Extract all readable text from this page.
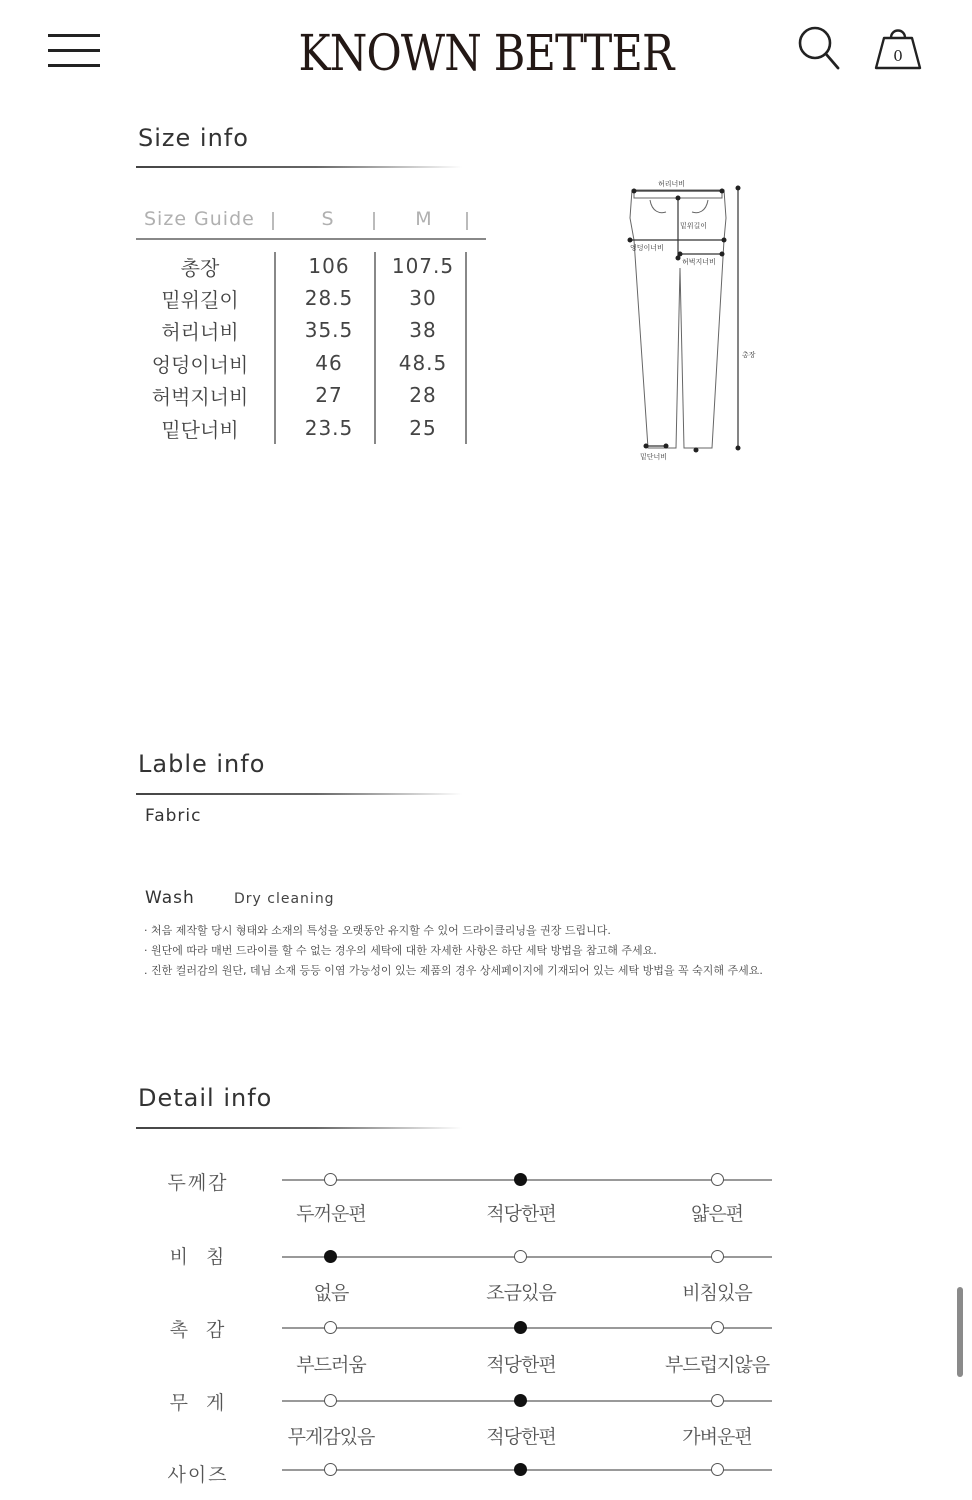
KNOWN BETTER	0
Size info
Size Guide	S	M
총장	106	107.5
밑위길이	28.5	30
허리너비	35.5	38
엉덩이너비	46	48.5
허벅지너비	27	28
밑단너비	23.5	25
허리너비
밑위길이
엉덩이너비
허벅지너비
총장
밑단너비
Lable info
Fabric
Wash	Dry cleaning
· 처음 제작할 당시 형태와 소재의 특성을 오랫동안 유지할 수 있어 드라이클리닝을 권장 드립니다.
· 원단에 따라 매번 드라이를 할 수 없는 경우의 세탁에 대한 자세한 사항은 하단 세탁 방법을 참고해 주세요.
. 진한 컬러감의 원단, 데님 소재 등등 이염 가능성이 있는 제품의 경우 상세페이지에 기재되어 있는 세탁 방법을 꼭 숙지해 주세요.
Detail info
두께감
두꺼운편	적당한편	얇은편
비  침
없음	조금있음	비침있음
촉  감
부드러움	적당한편	부드럽지않음
무  게
무게감있음	적당한편	가벼운편
사이즈
